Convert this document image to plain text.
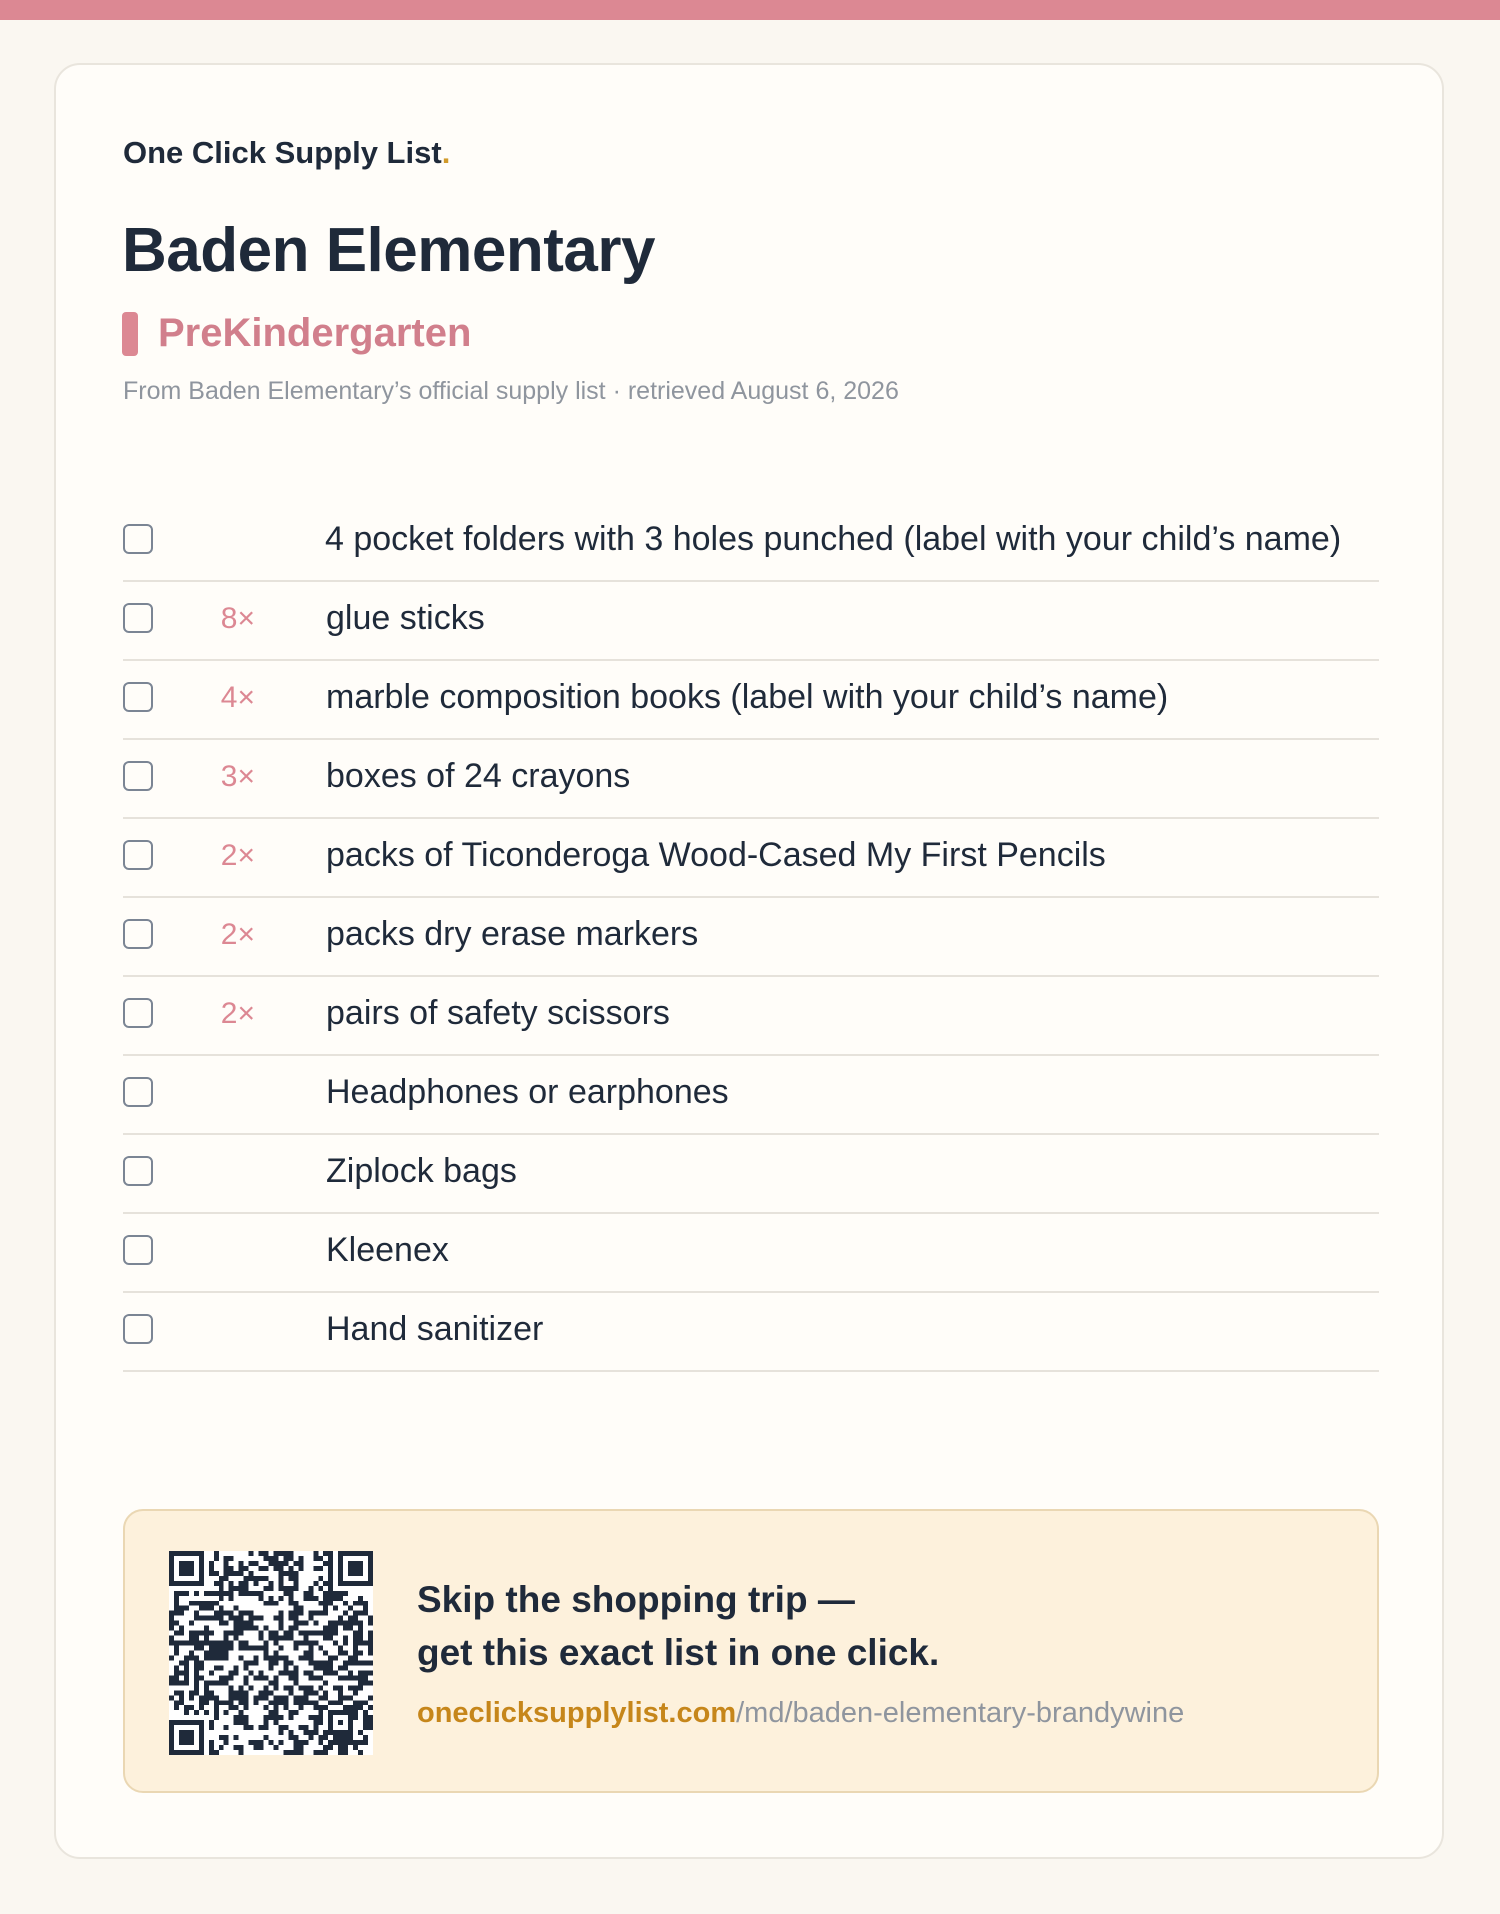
One Click Supply List.
Baden Elementary
PreKindergarten
From Baden Elementary’s official supply list · retrieved August 6, 2026
4 pocket folders with 3 holes punched (label with your child’s name)
8× glue sticks
4× marble composition books (label with your child’s name)
3× boxes of 24 crayons
2× packs of Ticonderoga Wood-Cased My First Pencils
2× packs dry erase markers
2× pairs of safety scissors
Headphones or earphones
Ziplock bags
Kleenex
Hand sanitizer
Skip the shopping trip —
get this exact list in one click.
oneclicksupplylist.com/md/baden-elementary-brandywine
